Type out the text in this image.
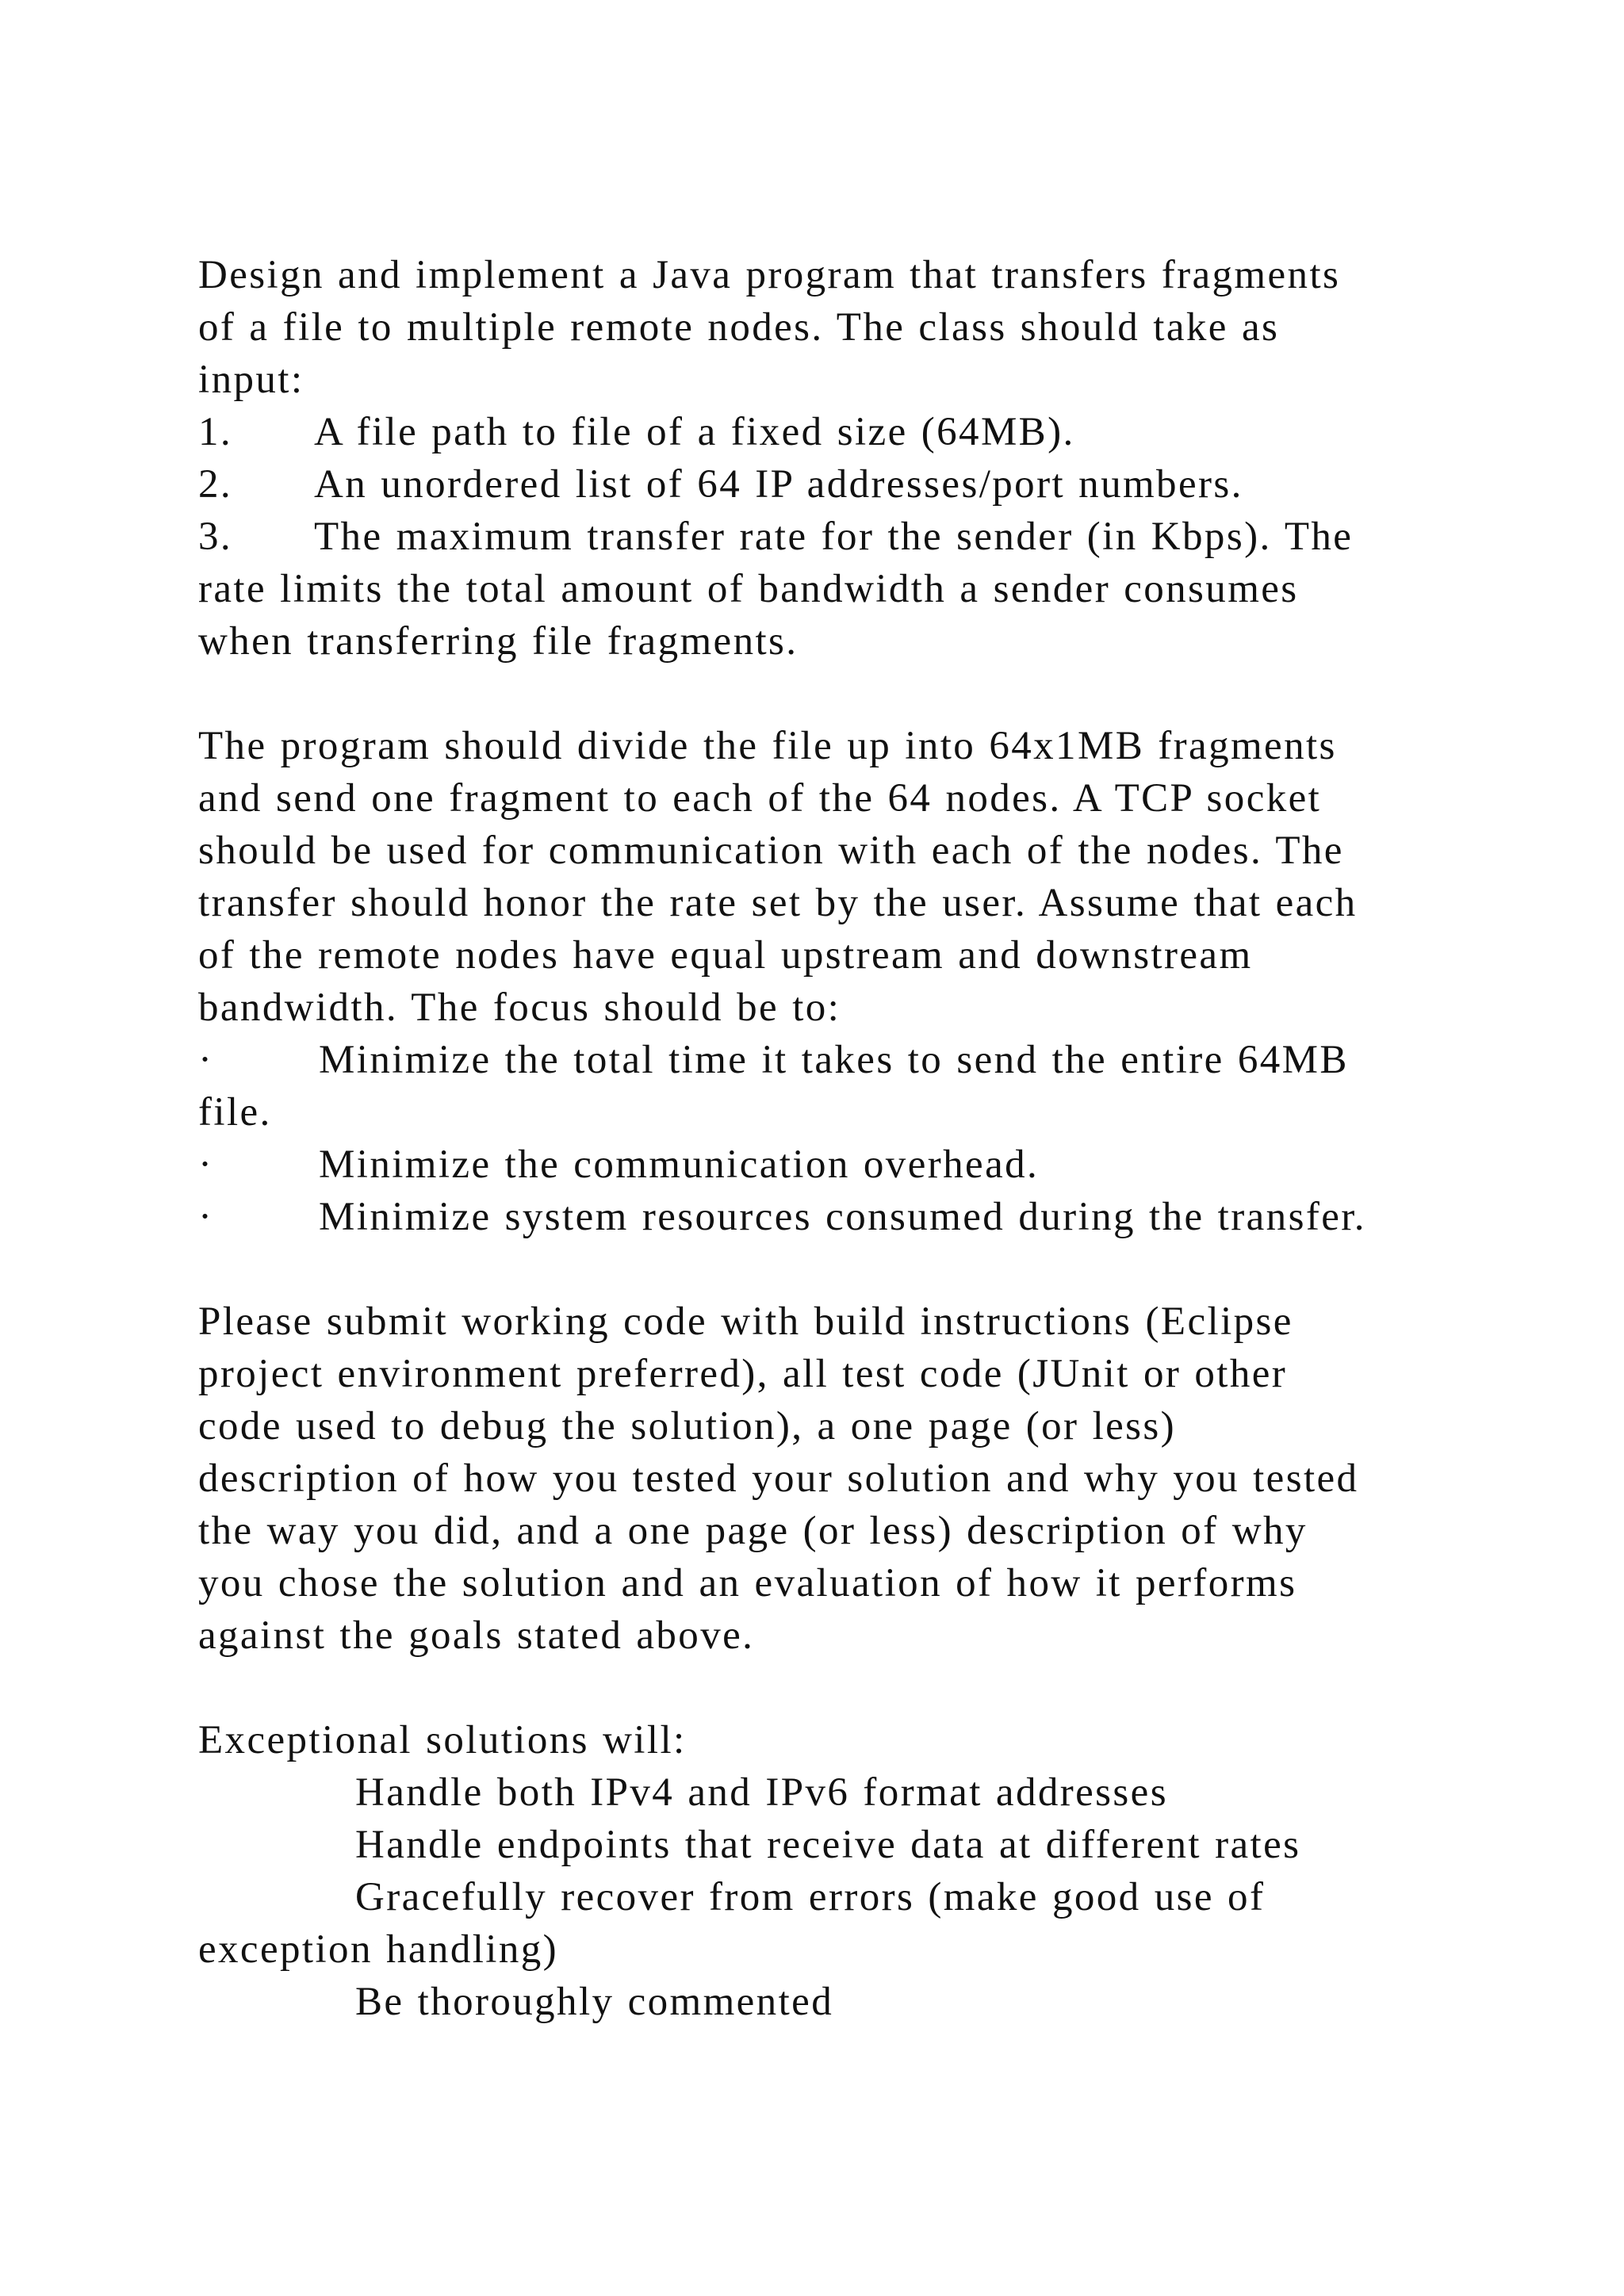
Design and implement a Java program that transfers fragments
of a file to multiple remote nodes. The class should take as
input:
1. A file path to file of a fixed size (64MB).
2. An unordered list of 64 IP addresses/port numbers.
3. The maximum transfer rate for the sender (in Kbps). The
rate limits the total amount of bandwidth a sender consumes
when transferring file fragments.
The program should divide the file up into 64x1MB fragments
and send one fragment to each of the 64 nodes. A TCP socket
should be used for communication with each of the nodes. The
transfer should honor the rate set by the user. Assume that each
of the remote nodes have equal upstream and downstream
bandwidth. The focus should be to:
·	Minimize the total time it takes to send the entire 64MB
file.
·	Minimize the communication overhead.
·	Minimize system resources consumed during the transfer.
Please submit working code with build instructions (Eclipse
project environment preferred), all test code (JUnit or other
code used to debug the solution), a one page (or less)
description of how you tested your solution and why you tested
the way you did, and a one page (or less) description of why
you chose the solution and an evaluation of how it performs
against the goals stated above.
Exceptional solutions will:
Handle both IPv4 and IPv6 format addresses
Handle endpoints that receive data at different rates
Gracefully recover from errors (make good use of
exception handling)
Be thoroughly commented
